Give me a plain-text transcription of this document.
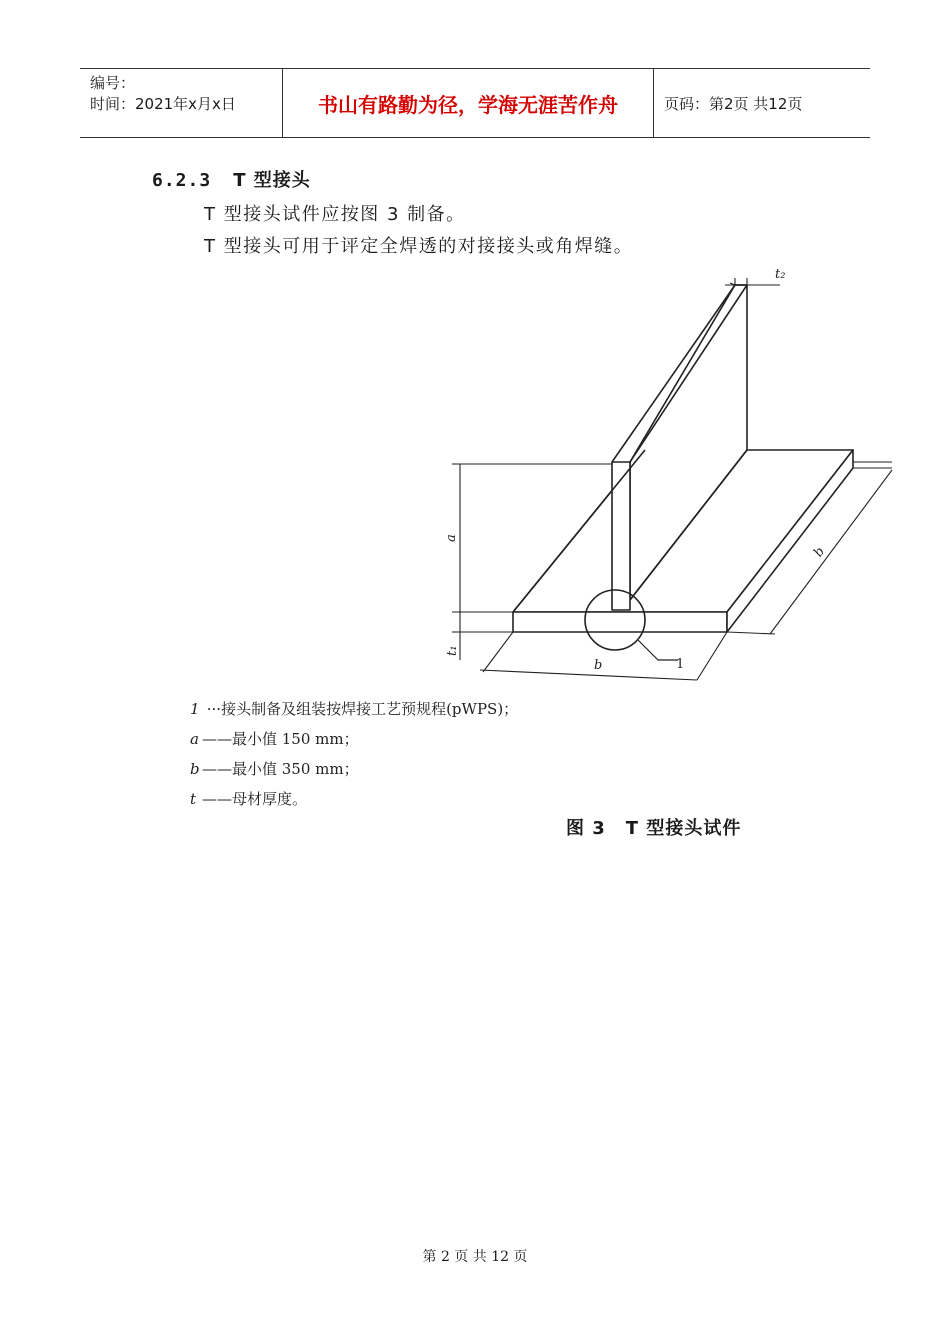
编号：
时间：2021年x月x日	书山有路勤为径，学海无涯苦作舟	页码：第2页 共12页
6.2.3 T 型接头
T 型接头试件应按图 3 制备。
T 型接头可用于评定全焊透的对接接头或角焊缝。
t₂
a
t₁
b
b
1
1 ···接头制备及组装按焊接工艺预规程(pWPS)；
a ——最小值 150 mm；
b ——最小值 350 mm；
t ——母材厚度。
图 3 T 型接头试件
第 2 页 共 12 页
